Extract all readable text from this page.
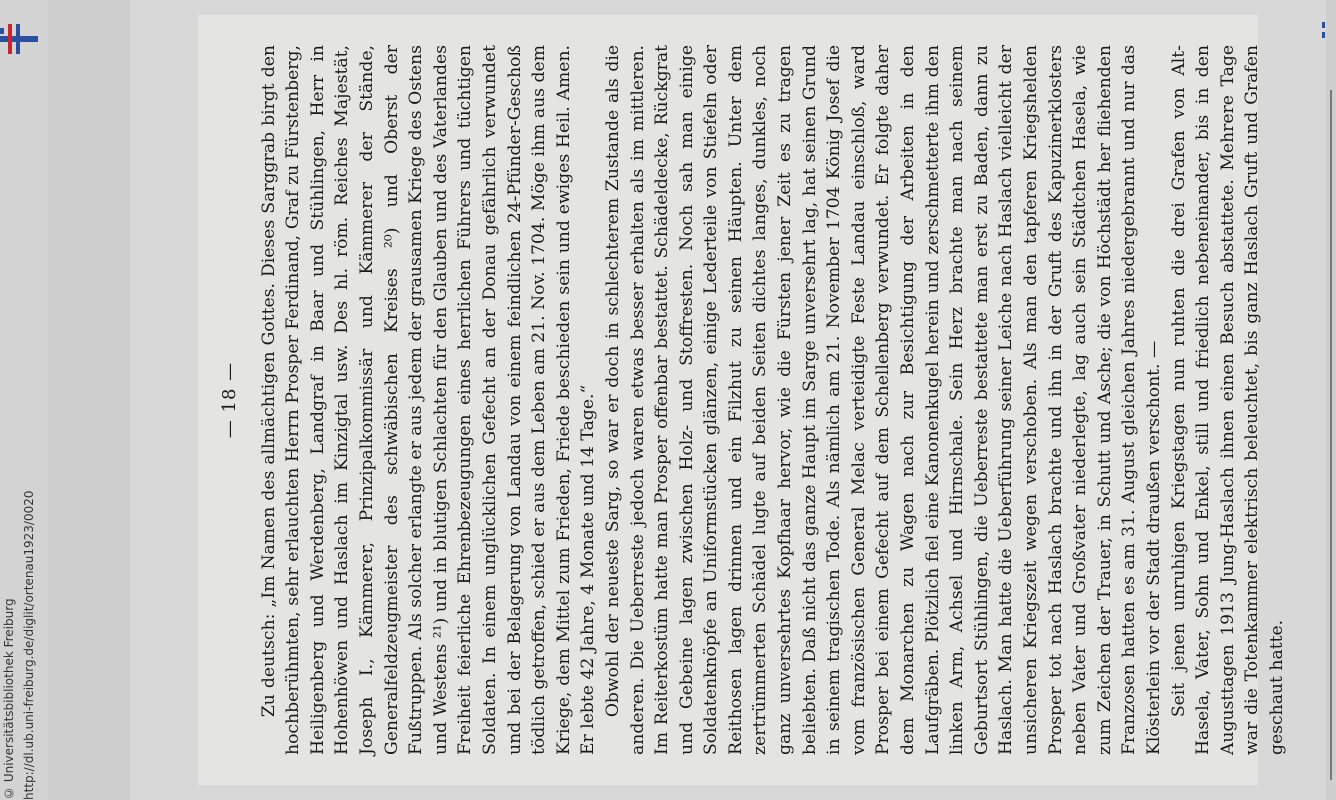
© Universitätsbibliothek Freiburg http://dl.ub.uni-freiburg.de/diglit/ortenau1923/0020
— 18 — Zu deutsch: „Im Namen des allmächtigen Gottes. Dieses Sarggrab birgt den hochberühmten, sehr erlauchten Herrn Prosper Ferdinand, Graf zu Fürstenberg, Heiligenberg und Werdenberg, Landgraf in Baar und Stühlingen, Herr in Hohenhöwen und Haslach im Kinzigtal usw. Des hl. röm. Reiches Majestät, Joseph I., Kämmerer, Prinzipalkommissär und Kämmerer der Stände, Generalfeldzeugmeister des schwäbischen Kreises ²⁰) und Oberst der Fußtruppen. Als solcher erlangte er aus jedem der grausamen Kriege des Ostens und Westens ²¹) und in blutigen Schlachten für den Glauben und des Vaterlandes Freiheit feierliche Ehrenbezeugungen eines herrlichen Führers und tüchtigen Soldaten. In einem unglücklichen Gefecht an der Donau gefährlich verwundet und bei der Belagerung von Landau von einem feindlichen 24-Pfünder-Geschoß tödlich getroffen, schied er aus dem Leben am 21. Nov. 1704. Möge ihm aus dem Kriege, dem Mittel zum Frieden, Friede beschieden sein und ewiges Heil. Amen. Er lebte 42 Jahre, 4 Monate und 14 Tage.“ Obwohl der neueste Sarg, so war er doch in schlechterem Zustande als die anderen. Die Ueberreste jedoch waren etwas besser erhalten als im mittleren. Im Reiterkostüm hatte man Prosper offenbar bestattet. Schädeldecke, Rückgrat und Gebeine lagen zwischen Holz- und Stoffresten. Noch sah man einige Soldatenknöpfe an Uniformstücken glänzen, einige Lederteile von Stiefeln oder Reithosen lagen drinnen und ein Filzhut zu seinen Häupten. Unter dem zertrümmerten Schädel lugte auf beiden Seiten dichtes langes, dunkles, noch ganz unversehrtes Kopfhaar hervor, wie die Fürsten jener Zeit es zu tragen beliebten. Daß nicht das ganze Haupt im Sarge unversehrt lag, hat seinen Grund in seinem tragischen Tode. Als nämlich am 21. November 1704 König Josef die vom französischen General Melac verteidigte Feste Landau einschloß, ward Prosper bei einem Gefecht auf dem Schellenberg verwundet. Er folgte daher dem Monarchen zu Wagen nach zur Besichtigung der Arbeiten in den Laufgräben. Plötzlich fiel eine Kanonenkugel herein und zerschmetterte ihm den linken Arm, Achsel und Hirnschale. Sein Herz brachte man nach seinem Geburtsort Stühlingen, die Ueberreste bestattete man erst zu Baden, dann zu Haslach. Man hatte die Ueberführung seiner Leiche nach Haslach vielleicht der unsicheren Kriegszeit wegen verschoben. Als man den tapferen Kriegshelden Prosper tot nach Haslach brachte und ihn in der Gruft des Kapuzinerklosters neben Vater und Großvater niederlegte, lag auch sein Städtchen Hasela, wie zum Zeichen der Trauer, in Schutt und Asche; die von Höchstädt her fliehenden Franzosen hatten es am 31. August gleichen Jahres niedergebrannt und nur das Klösterlein vor der Stadt draußen verschont. — Seit jenen unruhigen Kriegstagen nun ruhten die drei Grafen von Alt-Hasela, Vater, Sohn und Enkel, still und friedlich nebeneinander, bis in den Augusttagen 1913 Jung-Haslach ihnen einen Besuch abstattete. Mehrere Tage war die Totenkammer elektrisch beleuchtet, bis ganz Haslach Gruft und Grafen geschaut hatte.
